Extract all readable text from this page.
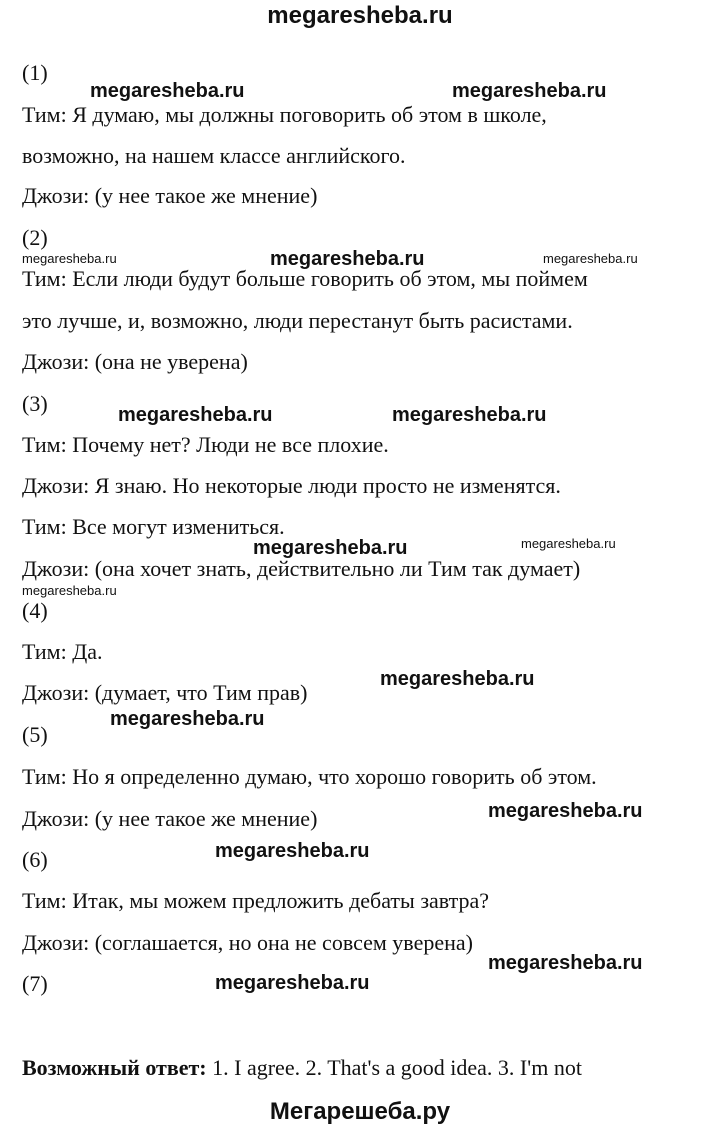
megaresheba.ru
(1)
Тим: Я думаю, мы должны поговорить об этом в школе,
возможно, на нашем классе английского.
Джози: (у нее такое же мнение)
(2)
Тим: Если люди будут больше говорить об этом, мы поймем
это лучше, и, возможно, люди перестанут быть расистами.
Джози: (она не уверена)
(3)
Тим: Почему нет? Люди не все плохие.
Джози: Я знаю. Но некоторые люди просто не изменятся.
Тим: Все могут измениться.
Джози: (она хочет знать, действительно ли Тим так думает)
(4)
Тим: Да.
Джози: (думает, что Тим прав)
(5)
Тим: Но я определенно думаю, что хорошо говорить об этом.
Джози: (у нее такое же мнение)
(6)
Тим: Итак, мы можем предложить дебаты завтра?
Джози: (соглашается, но она не совсем уверена)
(7)
Возможный ответ: 1. I agree. 2. That's a good idea. 3. I'm not
megaresheba.ru	megaresheba.ru
megaresheba.ru	megaresheba.ru	megaresheba.ru
megaresheba.ru	megaresheba.ru
megaresheba.ru	megaresheba.ru
megaresheba.ru
megaresheba.ru
megaresheba.ru
megaresheba.ru
megaresheba.ru
megaresheba.ru
megaresheba.ru
Мегарешеба.ру
